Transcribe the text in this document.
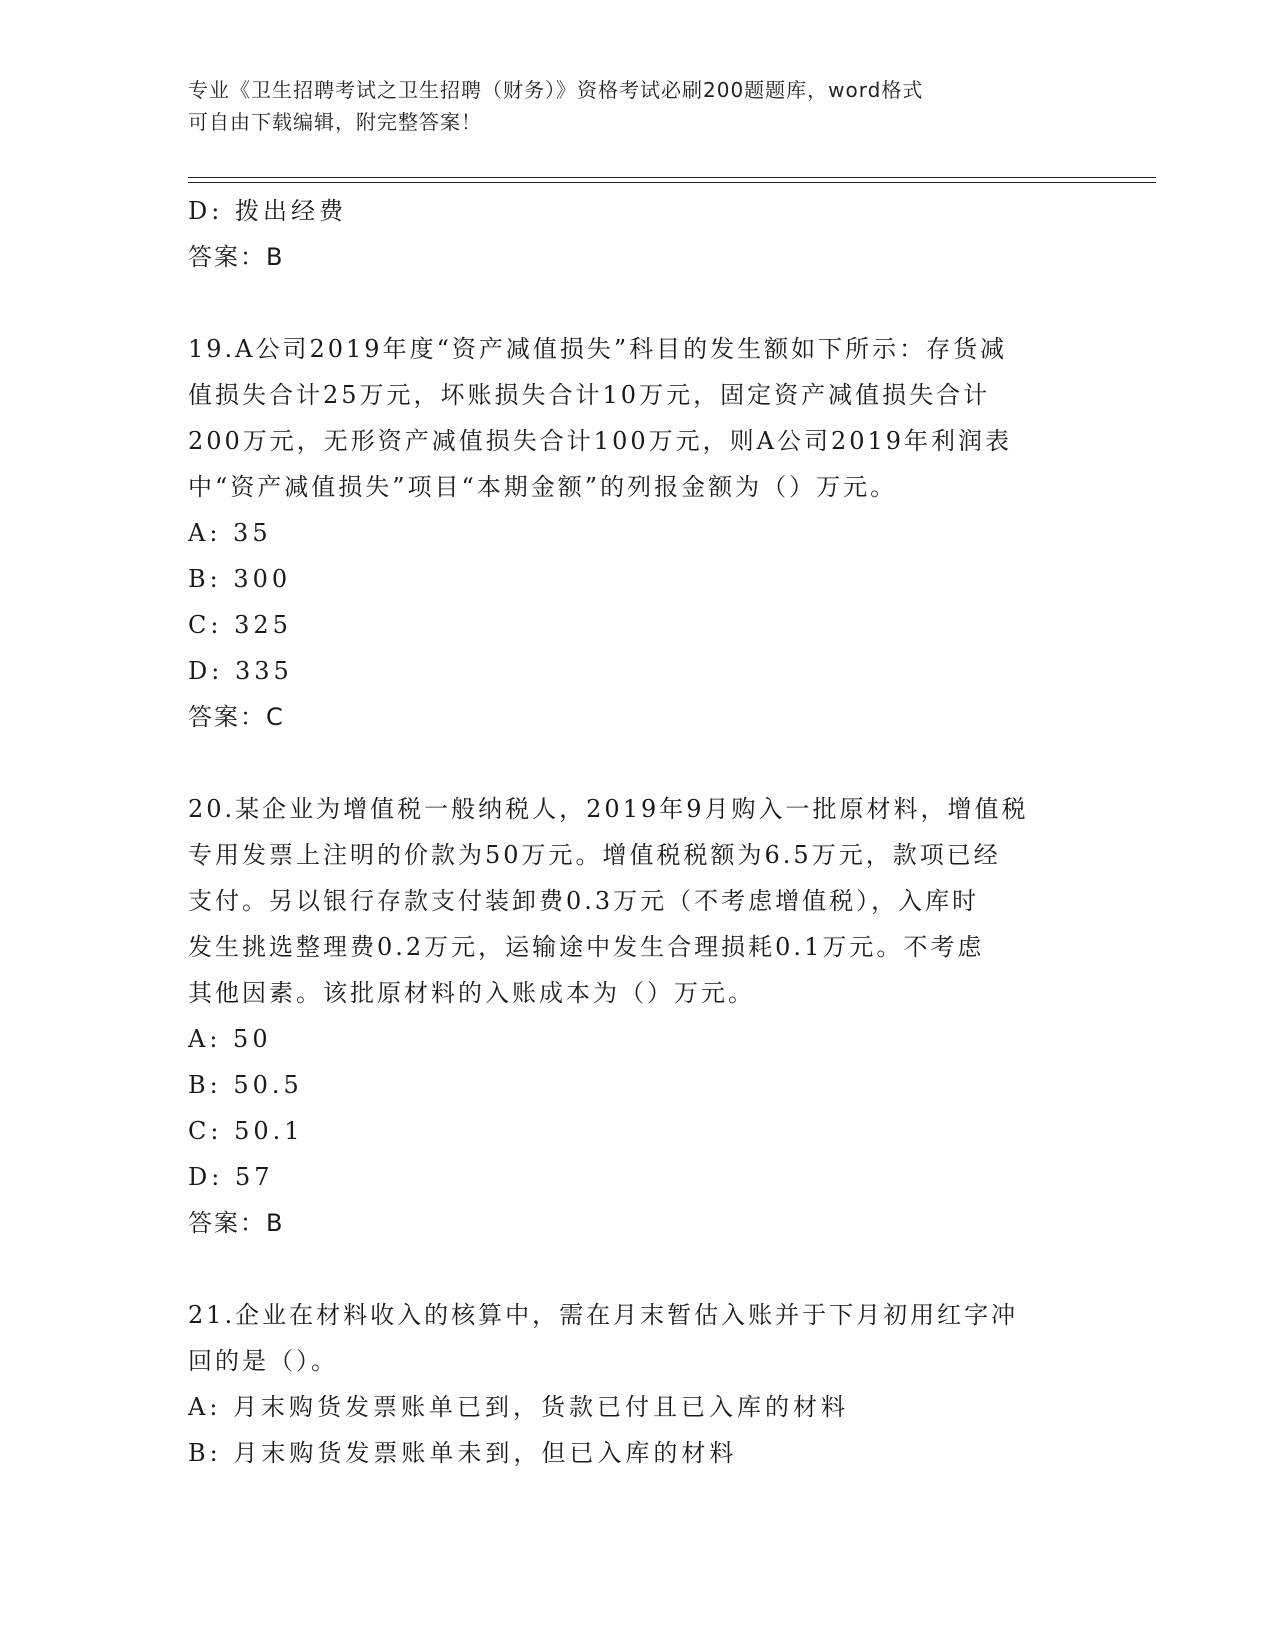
专业《卫生招聘考试之卫生招聘（财务）》资格考试必刷200题题库，word格式

可自由下载编辑，附完整答案！

D: 拨出经费
答案：B
19.A公司2019年度“资产减值损失”科目的发生额如下所示：存货减
值损失合计25万元，坏账损失合计10万元，固定资产减值损失合计
200万元，无形资产减值损失合计100万元，则A公司2019年利润表
中“资产减值损失”项目“本期金额”的列报金额为（）万元。
A: 35
B: 300
C: 325
D: 335
答案：C
20.某企业为增值税一般纳税人，2019年9月购入一批原材料，增值税
专用发票上注明的价款为50万元。增值税税额为6.5万元，款项已经
支付。另以银行存款支付装卸费0.3万元（不考虑增值税），入库时
发生挑选整理费0.2万元，运输途中发生合理损耗0.1万元。不考虑
其他因素。该批原材料的入账成本为（）万元。
A: 50
B: 50.5
C: 50.1
D: 57
答案：B
21.企业在材料收入的核算中，需在月末暂估入账并于下月初用红字冲
回的是（）。
A: 月末购货发票账单已到，货款已付且已入库的材料
B: 月末购货发票账单未到，但已入库的材料
